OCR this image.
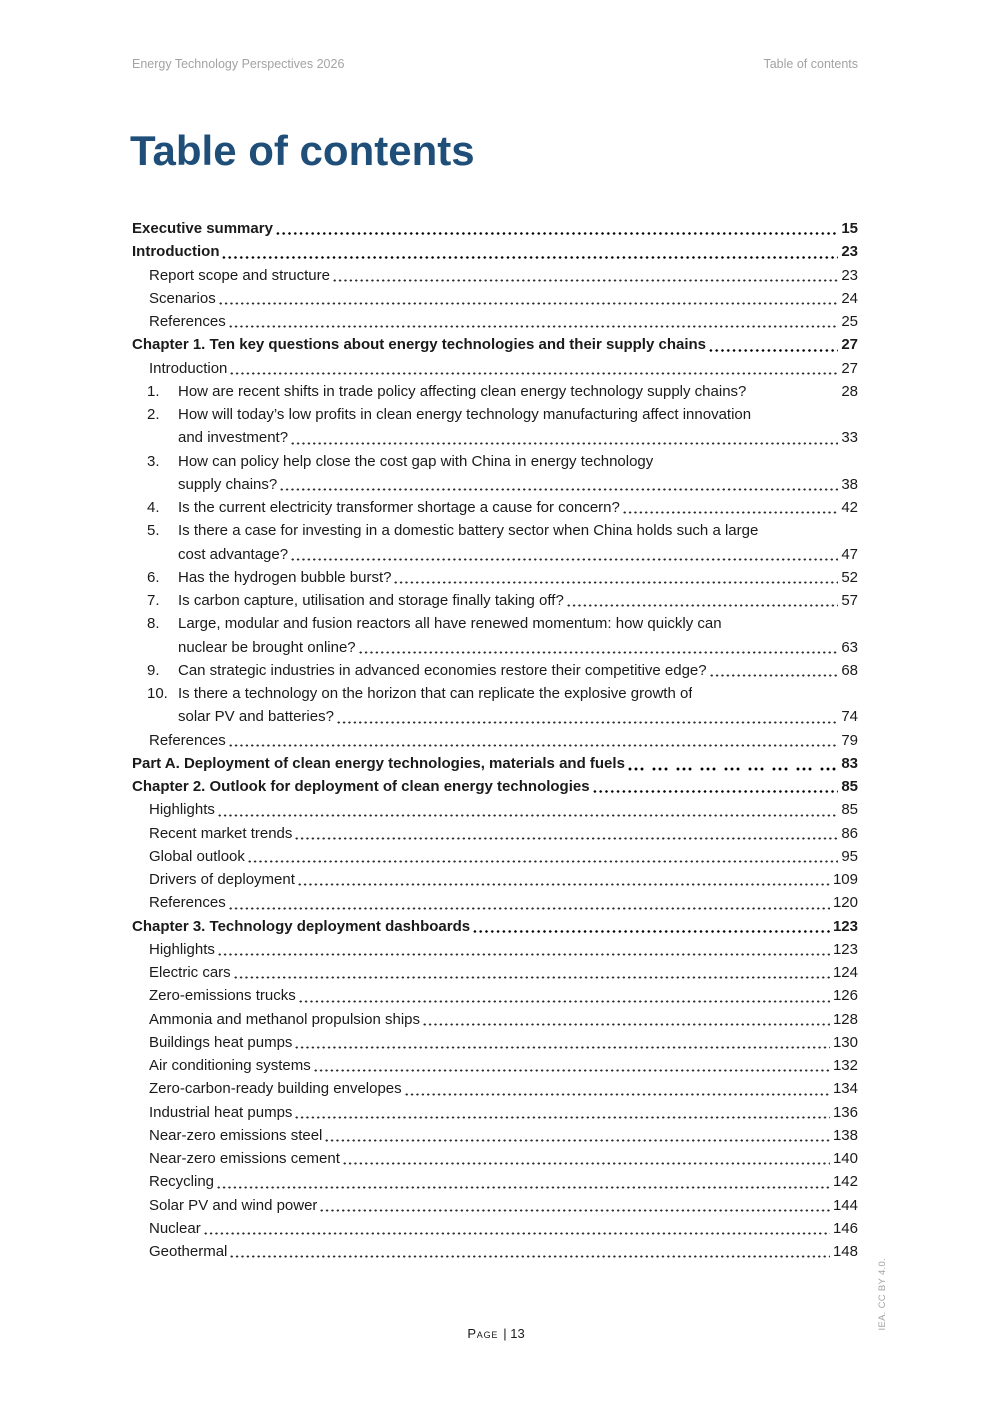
Energy Technology Perspectives 2026	Table of contents
Table of contents
Executive summary	15
Introduction	23
Report scope and structure	23
Scenarios	24
References	25
Chapter 1. Ten key questions about energy technologies and their supply chains	27
Introduction	27
1.	How are recent shifts in trade policy affecting clean energy technology supply chains?	28
2.	How will today’s low profits in clean energy technology manufacturing affect innovation
and investment?	33
3.	How can policy help close the cost gap with China in energy technology
supply chains?	38
4.	Is the current electricity transformer shortage a cause for concern?	42
5.	Is there a case for investing in a domestic battery sector when China holds such a large
cost advantage?	47
6.	Has the hydrogen bubble burst?	52
7.	Is carbon capture, utilisation and storage finally taking off?	57
8.	Large, modular and fusion reactors all have renewed momentum: how quickly can
nuclear be brought online?	63
9.	Can strategic industries in advanced economies restore their competitive edge?	68
10. Is there a technology on the horizon that can replicate the explosive growth of
solar PV and batteries?	74
References	79
Part A. Deployment of clean energy technologies, materials and fuels	83
Chapter 2. Outlook for deployment of clean energy technologies	85
Highlights	85
Recent market trends	86
Global outlook	95
Drivers of deployment	109
References	120
Chapter 3. Technology deployment dashboards	123
Highlights	123
Electric cars	124
Zero-emissions trucks	126
Ammonia and methanol propulsion ships	128
Buildings heat pumps	130
Air conditioning systems	132
Zero-carbon-ready building envelopes	134
Industrial heat pumps	136
Near-zero emissions steel	138
Near-zero emissions cement	140
Recycling	142
Solar PV and wind power	144
Nuclear	146
Geothermal	148
Page | 13
IEA. CC BY 4.0.
